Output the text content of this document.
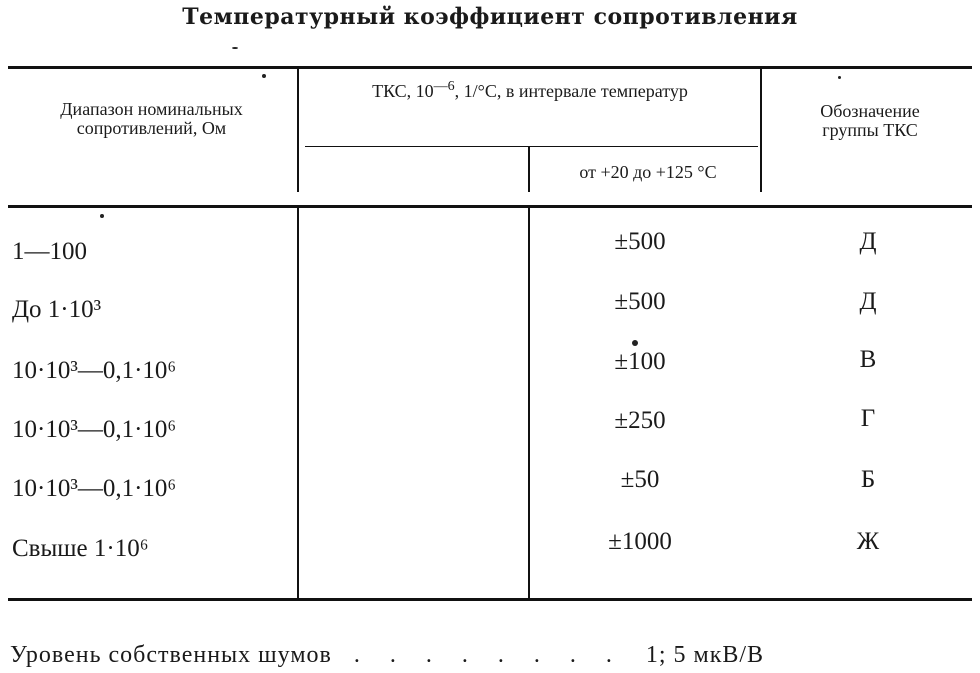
Температурный коэффициент сопротивления
Диапазон номинальных сопротивлений, Ом
ТКС, $10^{—6}$, 1/°С, в интервале температур
от +20 до +125 °С
Обозначение группы ТКС
1—100	±500	Д
До 1·10³	±500	Д
10·10³—0,1·10⁶	±100	В
10·10³—0,1·10⁶	±250	Г
10·10³—0,1·10⁶	±50	Б
Свыше 1·10⁶	±1000	Ж
Уровень собственных шумов . . . . . . . . 1; 5 мкВ/В
